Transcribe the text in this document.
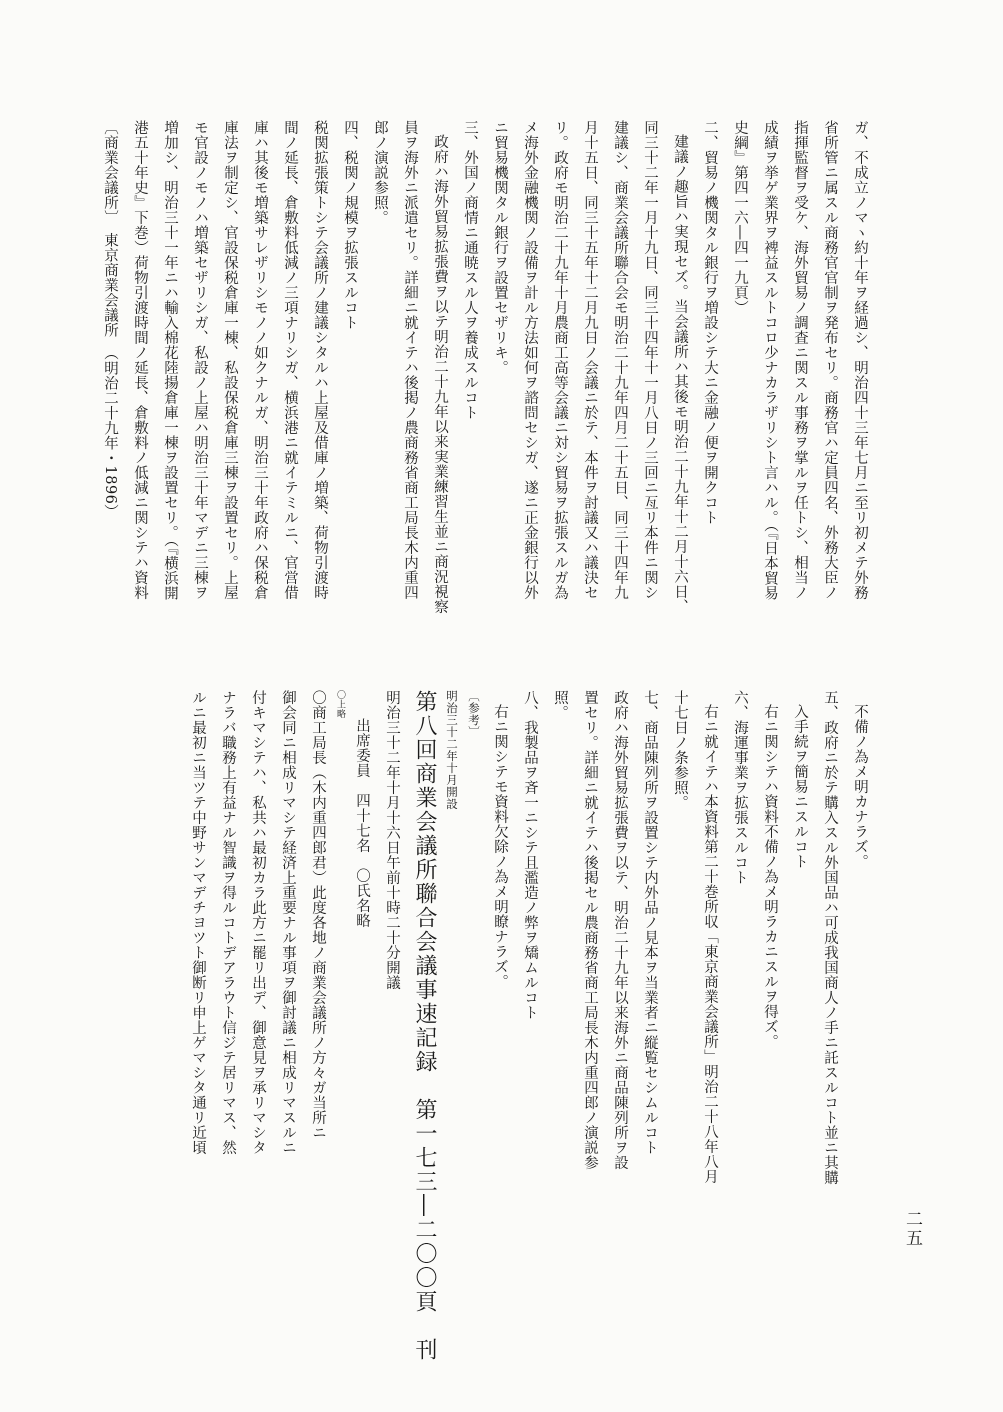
ガ、不成立ノマヽ約十年ヲ経過シ、明治四十三年七月ニ至リ初メテ外務
省所管ニ属スル商務官官制ヲ発布セリ。商務官ハ定員四名、外務大臣ノ
指揮監督ヲ受ケ、海外貿易ノ調査ニ関スル事務ヲ掌ルヲ任トシ、相当ノ
成績ヲ挙ゲ業界ヲ裨益スルトコロ少ナカラザリシト言ハル。（『日本貿易
史綱』第四一六―四一九頁）
二、貿易ノ機関タル銀行ヲ増設シテ大ニ金融ノ便ヲ開クコト
建議ノ趣旨ハ実現セズ。当会議所ハ其後モ明治二十九年十二月十六日、
同三十二年一月十九日、同三十四年十一月八日ノ三回ニ亙リ本件ニ関シ
建議シ、商業会議所聯合会モ明治二十九年四月二十五日、同三十四年九
月十五日、同三十五年十二月九日ノ会議ニ於テ、本件ヲ討議又ハ議決セ
リ。政府モ明治二十九年十月農商工高等会議ニ対シ貿易ヲ拡張スルガ為
メ海外金融機関ノ設備ヲ計ル方法如何ヲ諮問セシガ、遂ニ正金銀行以外
ニ貿易機関タル銀行ヲ設置セザリキ。
三、外国ノ商情ニ通暁スル人ヲ養成スルコト
政府ハ海外貿易拡張費ヲ以テ明治二十九年以来実業練習生並ニ商況視察
員ヲ海外ニ派遣セリ。詳細ニ就イテハ後掲ノ農商務省商工局長木内重四
郎ノ演説参照。
四、税関ノ規模ヲ拡張スルコト
税関拡張策トシテ会議所ノ建議シタルハ上屋及借庫ノ増築、荷物引渡時
間ノ延長、倉敷料低減ノ三項ナリシガ、横浜港ニ就イテミルニ、官営借
庫ハ其後モ増築サレザリシモノノ如クナルガ、明治三十年政府ハ保税倉
庫法ヲ制定シ、官設保税倉庫一棟、私設保税倉庫三棟ヲ設置セリ。上屋
モ官設ノモノハ増築セザリシガ、私設ノ上屋ハ明治三十年マデニ三棟ヲ
増加シ、明治三十一年ニハ輸入棉花陸揚倉庫一棟ヲ設置セリ。（『横浜開
港五十年史』下巻）荷物引渡時間ノ延長、倉敷料ノ低減ニ関シテハ資料
〔商業会議所〕　東京商業会議所　（明治二十九年・1896）
不備ノ為メ明カナラズ。
五、政府ニ於テ購入スル外国品ハ可成我国商人ノ手ニ託スルコト並ニ其購
入手続ヲ簡易ニスルコト
右ニ関シテハ資料不備ノ為メ明ラカニスルヲ得ズ。
六、海運事業ヲ拡張スルコト
右ニ就イテハ本資料第二十巻所収「東京商業会議所」明治二十八年八月
十七日ノ条参照。
七、商品陳列所ヲ設置シテ内外品ノ見本ヲ当業者ニ縦覧セシムルコト
政府ハ海外貿易拡張費ヲ以テ、明治二十九年以来海外ニ商品陳列所ヲ設
置セリ。詳細ニ就イテハ後掲セル農商務省商工局長木内重四郎ノ演説参
照。
八、我製品ヲ斉一ニシテ且濫造ノ弊ヲ矯ムルコト
右ニ関シテモ資料欠除ノ為メ明瞭ナラズ。
〔参考〕
明治三十二年十月開設
第八回商業会議所聯合会議事速記録　第一七三―二〇〇頁　刊
明治三十二年十月十六日午前十時二十分開議
出席委員　四十七名　〇氏名略
〇上略
〇商工局長（木内重四郎君）此度各地ノ商業会議所ノ方々ガ当所ニ
御会同ニ相成リマシテ経済上重要ナル事項ヲ御討議ニ相成リマスルニ
付キマシテハ、私共ハ最初カラ此方ニ罷リ出デ、御意見ヲ承リマシタ
ナラバ職務上有益ナル智識ヲ得ルコトデアラウト信ジテ居リマス、然
ルニ最初ニ当ツテ中野サンマデチヨツト御断リ申上ゲマシタ通リ近頃
二五
